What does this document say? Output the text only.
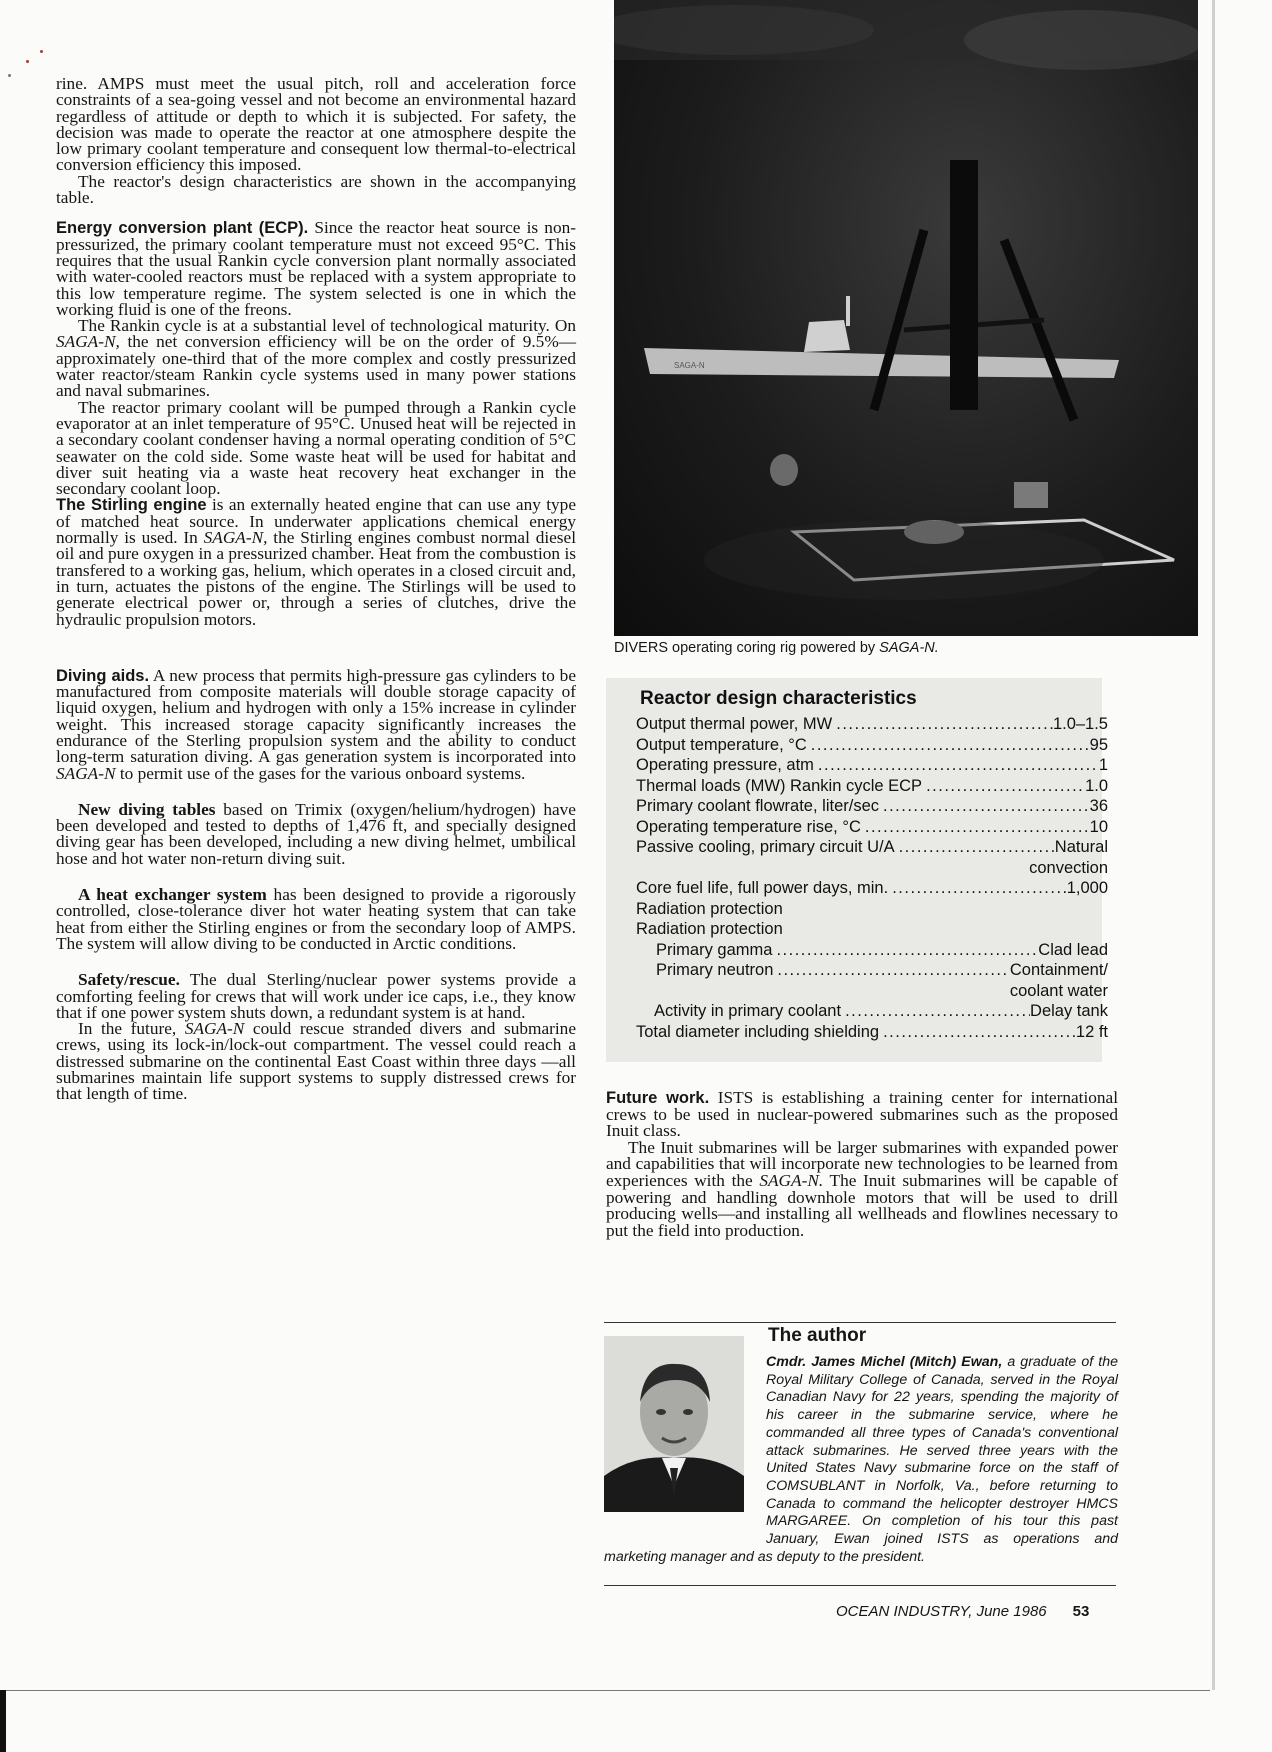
rine. AMPS must meet the usual pitch, roll and acceleration force constraints of a sea-going vessel and not become an environmental hazard regardless of attitude or depth to which it is subjected. For safety, the decision was made to operate the reactor at one atmosphere despite the low primary coolant temperature and consequent low thermal-to-electrical conversion efficiency this imposed.

The reactor's design characteristics are shown in the accompanying table.

Energy conversion plant (ECP). Since the reactor heat source is non-pressurized, the primary coolant temperature must not exceed 95°C. This requires that the usual Rankin cycle conversion plant normally associated with water-cooled reactors must be replaced with a system appropriate to this low temperature regime. The system selected is one in which the working fluid is one of the freons.

The Rankin cycle is at a substantial level of technological maturity. On SAGA-N, the net conversion efficiency will be on the order of 9.5%—approximately one-third that of the more complex and costly pressurized water reactor/steam Rankin cycle systems used in many power stations and naval submarines.

The reactor primary coolant will be pumped through a Rankin cycle evaporator at an inlet temperature of 95°C. Unused heat will be rejected in a secondary coolant condenser having a normal operating condition of 5°C seawater on the cold side. Some waste heat will be used for habitat and diver suit heating via a waste heat recovery heat exchanger in the secondary coolant loop.

The Stirling engine is an externally heated engine that can use any type of matched heat source. In underwater applications chemical energy normally is used. In SAGA-N, the Stirling engines combust normal diesel oil and pure oxygen in a pressurized chamber. Heat from the combustion is transfered to a working gas, helium, which operates in a closed circuit and, in turn, actuates the pistons of the engine. The Stirlings will be used to generate electrical power or, through a series of clutches, drive the hydraulic propulsion motors.

Diving aids. A new process that permits high-pressure gas cylinders to be manufactured from composite materials will double storage capacity of liquid oxygen, helium and hydrogen with only a 15% increase in cylinder weight. This increased storage capacity significantly increases the endurance of the Sterling propulsion system and the ability to conduct long-term saturation diving. A gas generation system is incorporated into SAGA-N to permit use of the gases for the various onboard systems.

New diving tables based on Trimix (oxygen/helium/hydrogen) have been developed and tested to depths of 1,476 ft, and specially designed diving gear has been developed, including a new diving helmet, umbilical hose and hot water non-return diving suit.

A heat exchanger system has been designed to provide a rigorously controlled, close-tolerance diver hot water heating system that can take heat from either the Stirling engines or from the secondary loop of AMPS. The system will allow diving to be conducted in Arctic conditions.

Safety/rescue. The dual Sterling/nuclear power systems provide a comforting feeling for crews that will work under ice caps, i.e., they know that if one power system shuts down, a redundant system is at hand.

In the future, SAGA-N could rescue stranded divers and submarine crews, using its lock-in/lock-out compartment. The vessel could reach a distressed submarine on the continental East Coast within three days —all submarines maintain life support systems to supply distressed crews for that length of time.

SAGA-N
DIVERS operating coring rig powered by SAGA-N.
Reactor design characteristics
Output thermal power, MW .....	1.0–1.5
Output temperature, °C .....	95
Operating pressure, atm .....	1
Thermal loads (MW) Rankin cycle ECP .....	1.0
Primary coolant flowrate, liter/sec .....	36
Operating temperature rise, °C .....	10
Passive cooling, primary circuit U/A .....	Natural
convection
Core fuel life, full power days, min. .....	1,000
Radiation protection
Radiation protection
Primary gamma .....	Clad lead
Primary neutron .....	Containment/
coolant water
Activity in primary coolant .....	Delay tank
Total diameter including shielding .....	12 ft

Future work. ISTS is establishing a training center for international crews to be used in nuclear-powered submarines such as the proposed Inuit class.

The Inuit submarines will be larger submarines with expanded power and capabilities that will incorporate new technologies to be learned from experiences with the SAGA-N. The Inuit submarines will be capable of powering and handling downhole motors that will be used to drill producing wells—and installing all wellheads and flowlines necessary to put the field into production.

The author
Cmdr. James Michel (Mitch) Ewan, a graduate of the Royal Military College of Canada, served in the Royal Canadian Navy for 22 years, spending the majority of his career in the submarine service, where he commanded all three types of Canada's conventional attack submarines. He served three years with the United States Navy submarine force on the staff of COMSUBLANT in Norfolk, Va., before returning to Canada to command the helicopter destroyer HMCS MARGAREE. On completion of his tour this past January, Ewan joined ISTS as operations and marketing manager and as deputy to the president.
OCEAN INDUSTRY, June 1986 53
